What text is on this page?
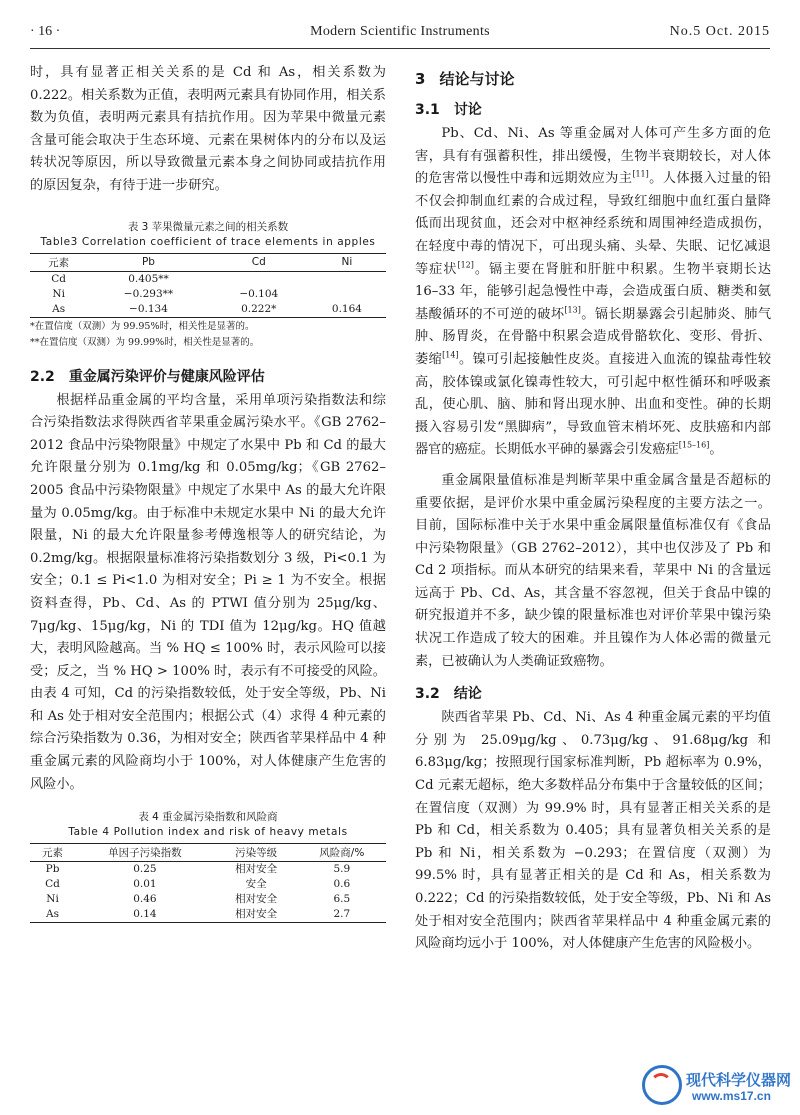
· 16 ·	Modern Scientific Instruments	No.5 Oct. 2015

时，具有显著正相关关系的是 Cd 和 As，相关系数为 0.222。相关系数为正值，表明两元素具有协同作用，相关系数为负值，表明两元素具有拮抗作用。因为苹果中微量元素含量可能会取决于生态环境、元素在果树体内的分布以及运转状况等原因，所以导致微量元素本身之间协同或拮抗作用的原因复杂，有待于进一步研究。

表 3 苹果微量元素之间的相关系数
Table3 Correlation coefficient of trace elements in apples
元素	Pb	Cd	Ni
Cd	0.405**		
Ni	−0.293**	−0.104	
As	−0.134	0.222*	0.164
*在置信度（双测）为 99.95%时，相关性是显著的。
**在置信度（双测）为 99.99%时，相关性是显著的。
2.2 重金属污染评价与健康风险评估

根据样品重金属的平均含量，采用单项污染指数法和综合污染指数法求得陕西省苹果重金属污染水平。《GB 2762–2012 食品中污染物限量》中规定了水果中 Pb 和 Cd 的最大允许限量分别为 0.1mg/kg 和 0.05mg/kg；《GB 2762–2005 食品中污染物限量》中规定了水果中 As 的最大允许限量为 0.05mg/kg。由于标准中未规定水果中 Ni 的最大允许限量，Ni 的最大允许限量参考傅逸根等人的研究结论，为 0.2mg/kg。根据限量标准将污染指数划分 3 级，Pi<0.1 为安全；0.1 ≤ Pi<1.0 为相对安全；Pi ≥ 1 为不安全。根据资料查得，Pb、Cd、As 的 PTWI 值分别为 25μg/kg、7μg/kg、15μg/kg，Ni 的 TDI 值为 12μg/kg。HQ 值越大，表明风险越高。当 % HQ ≤ 100% 时，表示风险可以接受；反之，当 % HQ > 100% 时，表示有不可接受的风险。由表 4 可知，Cd 的污染指数较低，处于安全等级，Pb、Ni 和 As 处于相对安全范围内；根据公式（4）求得 4 种元素的综合污染指数为 0.36，为相对安全；陕西省苹果样品中 4 种重金属元素的风险商均小于 100%，对人体健康产生危害的风险小。

表 4 重金属污染指数和风险商
Table 4 Pollution index and risk of heavy metals
元素	单因子污染指数	污染等级	风险商/%
Pb	0.25	相对安全	5.9
Cd	0.01	安全	0.6
Ni	0.46	相对安全	6.5
As	0.14	相对安全	2.7
3 结论与讨论
3.1 讨论

Pb、Cd、Ni、As 等重金属对人体可产生多方面的危害，具有有强蓄积性，排出缓慢，生物半衰期较长，对人体的危害常以慢性中毒和远期效应为主[11]。人体摄入过量的铅不仅会抑制血红素的合成过程，导致红细胞中血红蛋白量降低而出现贫血，还会对中枢神经系统和周围神经造成损伤，在轻度中毒的情况下，可出现头痛、头晕、失眠、记忆减退等症状[12]。镉主要在肾脏和肝脏中积累。生物半衰期长达 16–33 年，能够引起急慢性中毒，会造成蛋白质、糖类和氨基酸循环的不可逆的破坏[13]。镉长期暴露会引起肺炎、肺气肿、肠胃炎，在骨骼中积累会造成骨骼软化、变形、骨折、萎缩[14]。镍可引起接触性皮炎。直接进入血流的镍盐毒性较高，胶体镍或氯化镍毒性较大，可引起中枢性循环和呼吸紊乱，使心肌、脑、肺和肾出现水肿、出血和变性。砷的长期摄入容易引发“黑脚病”，导致血管末梢坏死、皮肤癌和内部器官的癌症。长期低水平砷的暴露会引发癌症[15–16]。

重金属限量值标准是判断苹果中重金属含量是否超标的重要依据，是评价水果中重金属污染程度的主要方法之一。目前，国际标准中关于水果中重金属限量值标准仅有《食品中污染物限量》（GB 2762–2012），其中也仅涉及了 Pb 和 Cd 2 项指标。而从本研究的结果来看，苹果中 Ni 的含量远远高于 Pb、Cd、As，其含量不容忽视，但关于食品中镍的研究报道并不多，缺少镍的限量标准也对评价苹果中镍污染状况工作造成了较大的困难。并且镍作为人体必需的微量元素，已被确认为人类确证致癌物。

3.2 结论

陕西省苹果 Pb、Cd、Ni、As 4 种重金属元素的平均值分别为 25.09μg/kg、0.73μg/kg、91.68μg/kg 和 6.83μg/kg；按照现行国家标准判断，Pb 超标率为 0.9%，Cd 元素无超标，绝大多数样品分布集中于含量较低的区间；在置信度（双测）为 99.9% 时，具有显著正相关关系的是 Pb 和 Cd，相关系数为 0.405；具有显著负相关关系的是 Pb 和 Ni，相关系数为 −0.293；在置信度（双测）为 99.5% 时，具有显著正相关的是 Cd 和 As，相关系数为 0.222；Cd 的污染指数较低，处于安全等级，Pb、Ni 和 As 处于相对安全范围内；陕西省苹果样品中 4 种重金属元素的风险商均远小于 100%，对人体健康产生危害的风险极小。

现代科学仪器网
www.ms17.cn
